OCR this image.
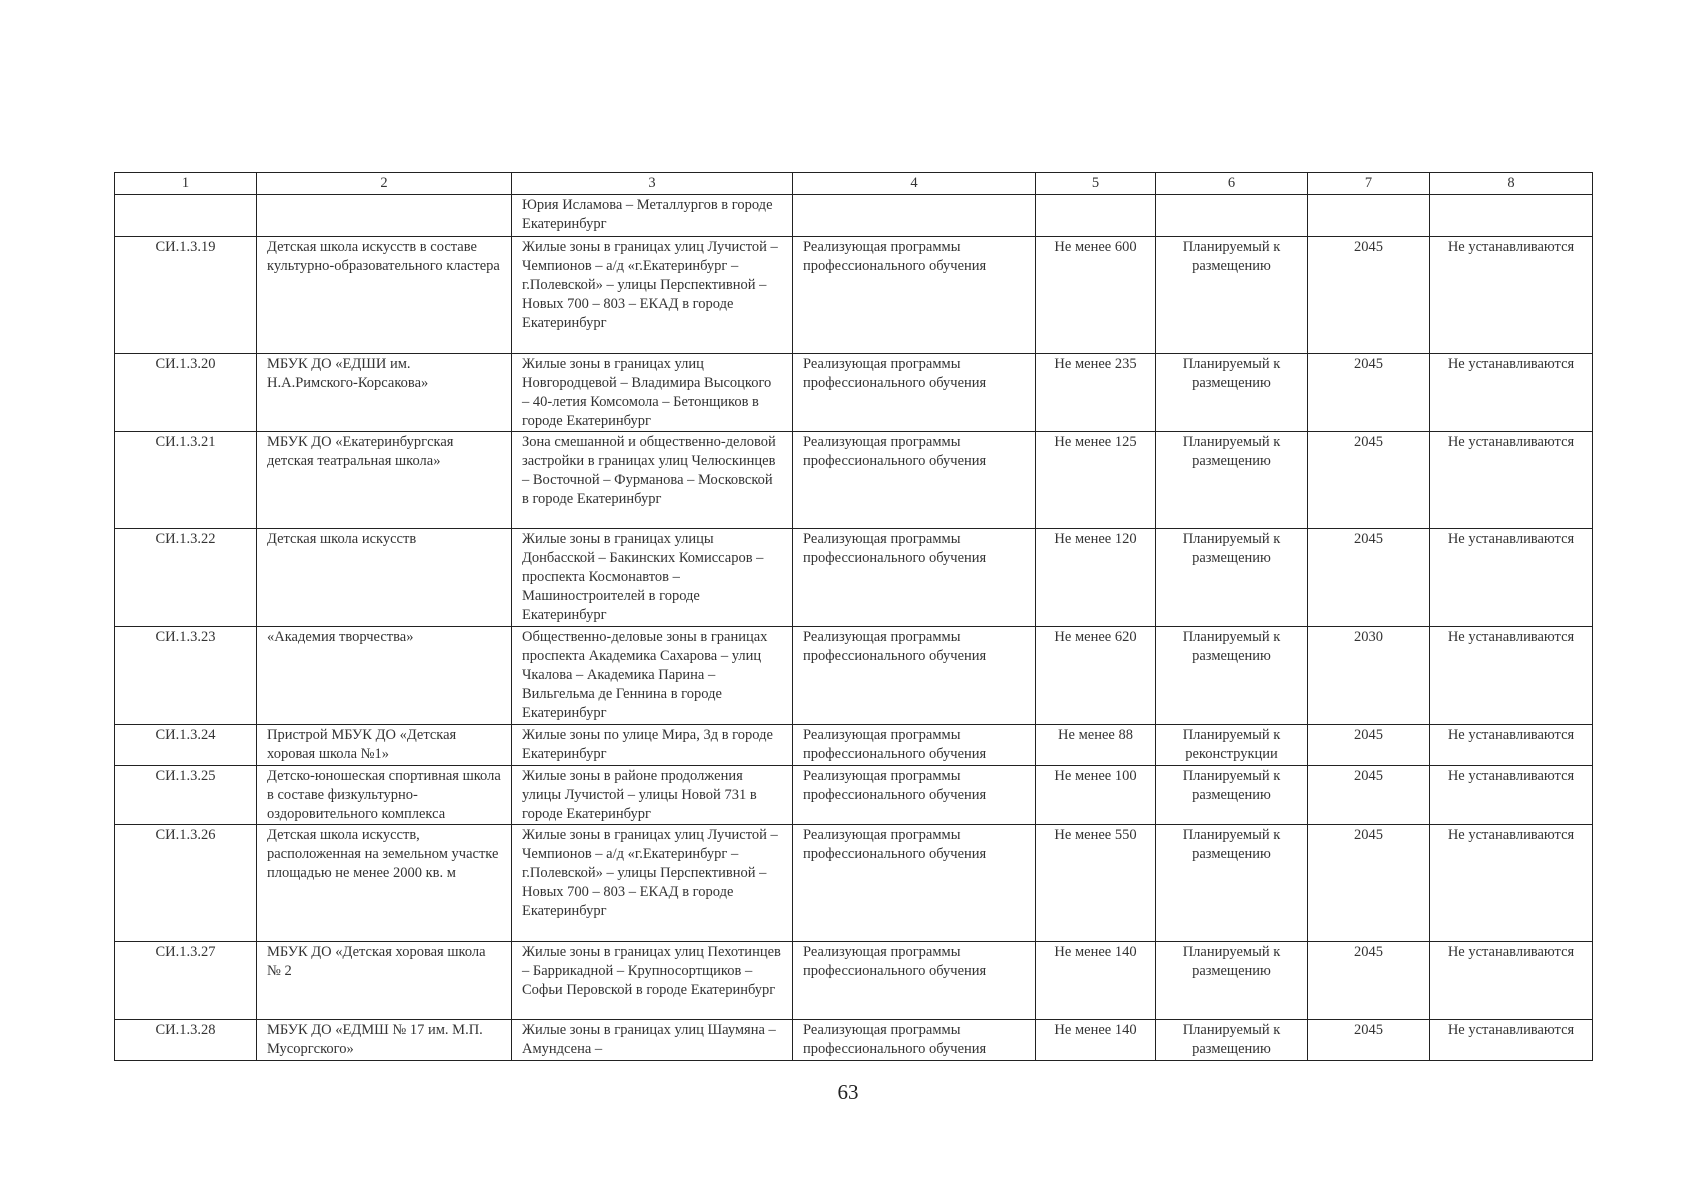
1	2	3	4	5	6	7	8
		Юрия Исламова – Металлургов в городе Екатеринбург					
СИ.1.3.19	Детская школа искусств в составе культурно-образовательного кластера	Жилые зоны в границах улиц Лучистой – Чемпионов – а/д «г.Екатеринбург – г.Полевской» – улицы Перспективной – Новых 700 – 803 – ЕКАД в городе Екатеринбург	Реализующая программы профессионального обучения	Не менее 600	Планируемый к размещению	2045	Не устанавливаются
СИ.1.3.20	МБУК ДО «ЕДШИ им. Н.А.Римского-Корсакова»	Жилые зоны в границах улиц Новгородцевой – Владимира Высоцкого – 40-летия Комсомола – Бетонщиков в городе Екатеринбург	Реализующая программы профессионального обучения	Не менее 235	Планируемый к размещению	2045	Не устанавливаются
СИ.1.3.21	МБУК ДО «Екатеринбургская детская театральная школа»	Зона смешанной и общественно-деловой застройки в границах улиц Челюскинцев – Восточной – Фурманова – Московской в городе Екатеринбург	Реализующая программы профессионального обучения	Не менее 125	Планируемый к размещению	2045	Не устанавливаются
СИ.1.3.22	Детская школа искусств	Жилые зоны в границах улицы Донбасской – Бакинских Комиссаров – проспекта Космонавтов – Машиностроителей в городе Екатеринбург	Реализующая программы профессионального обучения	Не менее 120	Планируемый к размещению	2045	Не устанавливаются
СИ.1.3.23	«Академия творчества»	Общественно-деловые зоны в границах проспекта Академика Сахарова – улиц Чкалова – Академика Парина – Вильгельма де Геннина в городе Екатеринбург	Реализующая программы профессионального обучения	Не менее 620	Планируемый к размещению	2030	Не устанавливаются
СИ.1.3.24	Пристрой МБУК ДО «Детская хоровая школа №1»	Жилые зоны по улице Мира, 3д в городе Екатеринбург	Реализующая программы профессионального обучения	Не менее 88	Планируемый к реконструкции	2045	Не устанавливаются
СИ.1.3.25	Детско-юношеская спортивная школа в составе физкультурно-оздоровительного комплекса	Жилые зоны в районе продолжения улицы Лучистой – улицы Новой 731 в городе Екатеринбург	Реализующая программы профессионального обучения	Не менее 100	Планируемый к размещению	2045	Не устанавливаются
СИ.1.3.26	Детская школа искусств, расположенная на земельном участке площадью не менее 2000 кв. м	Жилые зоны в границах улиц Лучистой – Чемпионов – а/д «г.Екатеринбург – г.Полевской» – улицы Перспективной – Новых 700 – 803 – ЕКАД в городе Екатеринбург	Реализующая программы профессионального обучения	Не менее 550	Планируемый к размещению	2045	Не устанавливаются
СИ.1.3.27	МБУК ДО «Детская хоровая школа № 2	Жилые зоны в границах улиц Пехотинцев – Баррикадной – Крупносортщиков – Софьи Перовской в городе Екатеринбург	Реализующая программы профессионального обучения	Не менее 140	Планируемый к размещению	2045	Не устанавливаются
СИ.1.3.28	МБУК ДО «ЕДМШ № 17 им. М.П. Мусоргского»	Жилые зоны в границах улиц Шаумяна – Амундсена –	Реализующая программы профессионального обучения	Не менее 140	Планируемый к размещению	2045	Не устанавливаются
63
